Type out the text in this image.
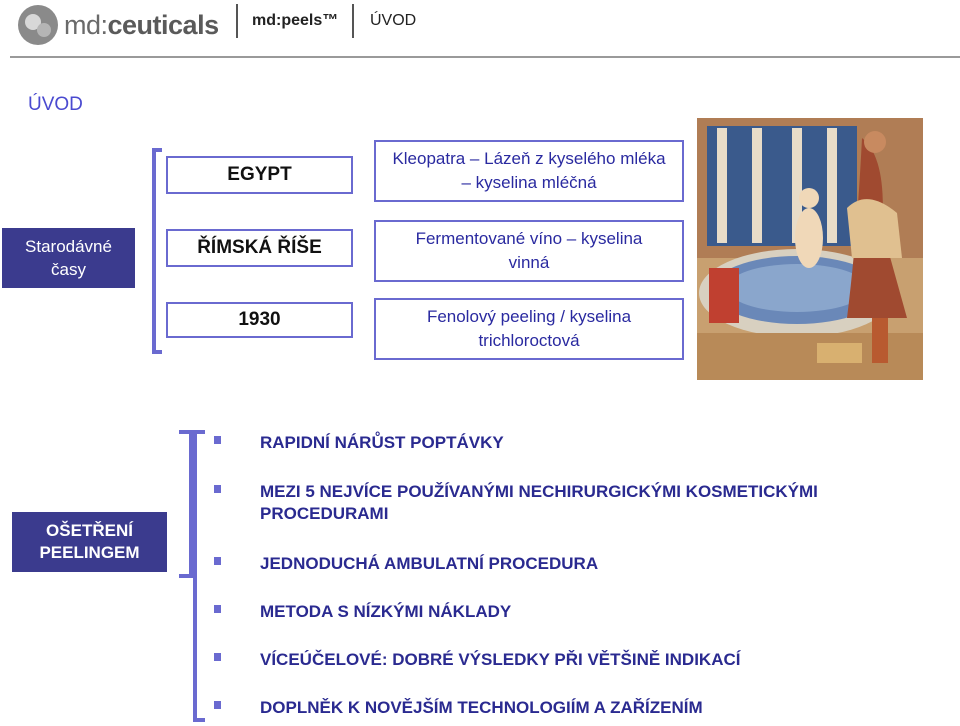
md:ceuticals md:peels™ ÚVOD
ÚVOD
Starodávné časy
EGYPT
ŘÍMSKÁ ŘÍŠE
1930
Kleopatra – Lázeň z kyselého mléka – kyselina mléčná
Fermentované víno – kyselina vinná
Fenolový peeling / kyselina trichloroctová
OŠETŘENÍ PEELINGEM
RAPIDNÍ NÁRŮST POPTÁVKY
MEZI 5 NEJVÍCE POUŽÍVANÝMI NECHIRURGICKÝMI KOSMETICKÝMI PROCEDURAMI
JEDNODUCHÁ AMBULATNÍ PROCEDURA
METODA S NÍZKÝMI NÁKLADY
VÍCEÚČELOVÉ: DOBRÉ VÝSLEDKY PŘI VĚTŠINĚ INDIKACÍ
DOPLNĚK K NOVĚJŠÍM TECHNOLOGIÍM A ZAŘÍZENÍM
